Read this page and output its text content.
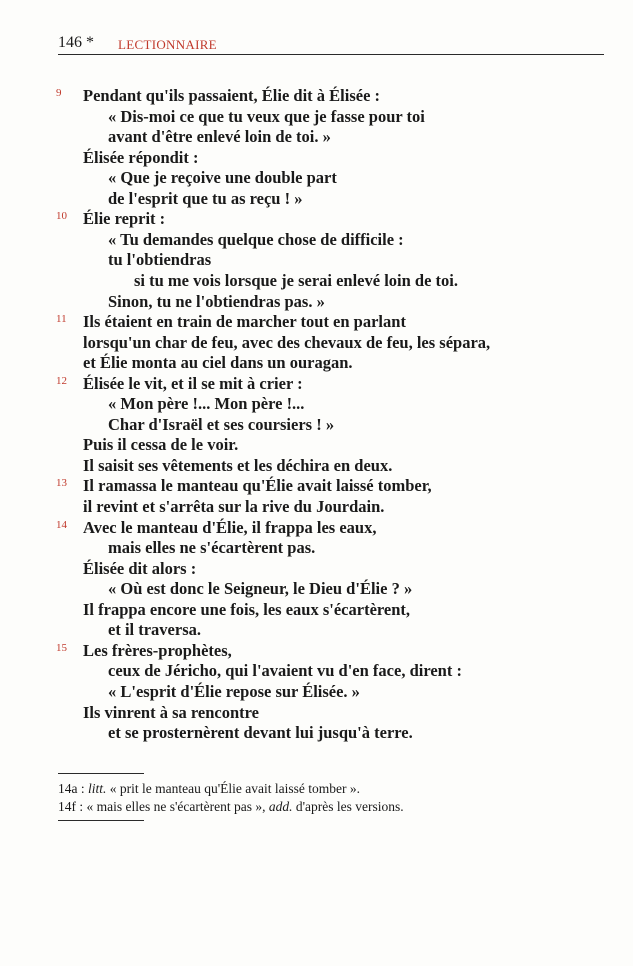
146 * LECTIONNAIRE
9 Pendant qu'ils passaient, Élie dit à Élisée :
« Dis-moi ce que tu veux que je fasse pour toi
avant d'être enlevé loin de toi. »
Élisée répondit :
« Que je reçoive une double part
de l'esprit que tu as reçu ! »
10 Élie reprit :
« Tu demandes quelque chose de difficile :
tu l'obtiendras
si tu me vois lorsque je serai enlevé loin de toi.
Sinon, tu ne l'obtiendras pas. »
11 Ils étaient en train de marcher tout en parlant
lorsqu'un char de feu, avec des chevaux de feu, les sépara,
et Élie monta au ciel dans un ouragan.
12 Élisée le vit, et il se mit à crier :
« Mon père !... Mon père !...
Char d'Israël et ses coursiers ! »
Puis il cessa de le voir.
Il saisit ses vêtements et les déchira en deux.
13 Il ramassa le manteau qu'Élie avait laissé tomber,
il revint et s'arrêta sur la rive du Jourdain.
14 Avec le manteau d'Élie, il frappa les eaux,
mais elles ne s'écartèrent pas.
Élisée dit alors :
« Où est donc le Seigneur, le Dieu d'Élie ? »
Il frappa encore une fois, les eaux s'écartèrent,
et il traversa.
15 Les frères-prophètes,
ceux de Jéricho, qui l'avaient vu d'en face, dirent :
« L'esprit d'Élie repose sur Élisée. »
Ils vinrent à sa rencontre
et se prosternèrent devant lui jusqu'à terre.
14a : litt. « prit le manteau qu'Élie avait laissé tomber ».
14f : « mais elles ne s'écartèrent pas », add. d'après les versions.
